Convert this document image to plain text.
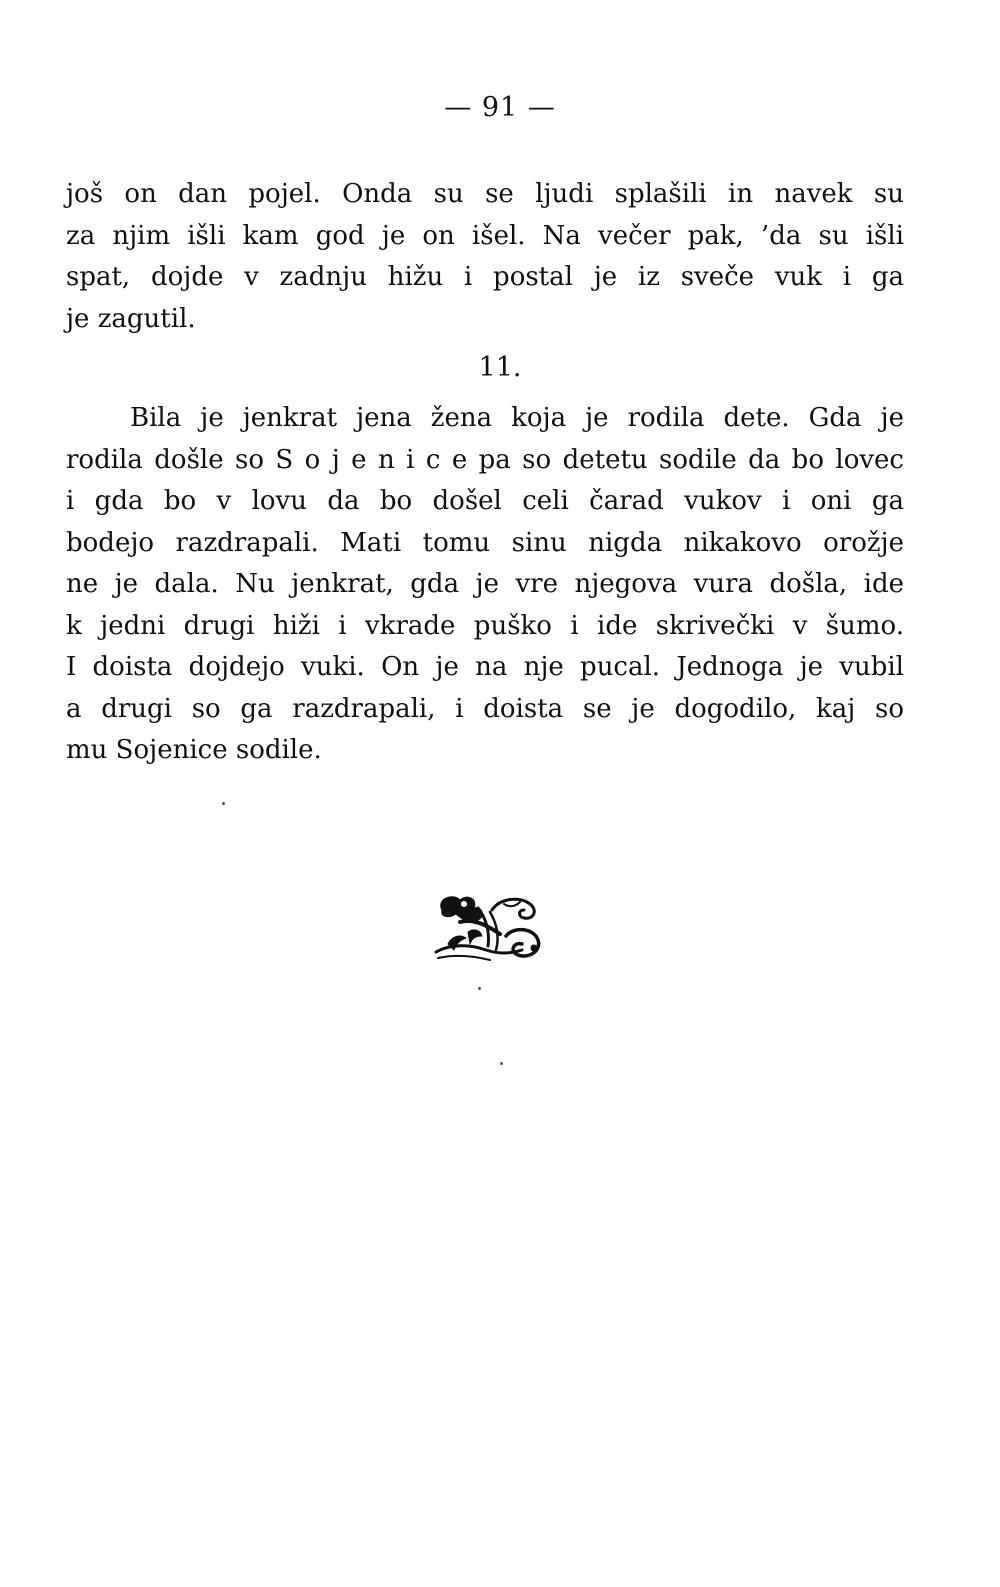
— 91 —
još on dan pojel. Onda su se ljudi splašili in navek su
za njim išli kam god je on išel. Na večer pak, ’da su išli
spat, dojde v zadnju hižu i postal je iz sveče vuk i ga
je zagutil.
11.
Bila je jenkrat jena žena koja je rodila dete. Gda je
rodila došle so S o j e n i c e pa so detetu sodile da bo lovec
i gda bo v lovu da bo došel celi čarad vukov i oni ga
bodejo razdrapali. Mati tomu sinu nigda nikakovo orožje
ne je dala. Nu jenkrat, gda je vre njegova vura došla, ide
k jedni drugi hiži i vkrade puško i ide skrivečki v šumo.
I doista dojdejo vuki. On je na nje pucal. Jednoga je vubil
a drugi so ga razdrapali, i doista se je dogodilo, kaj so
mu Sojenice sodile.
